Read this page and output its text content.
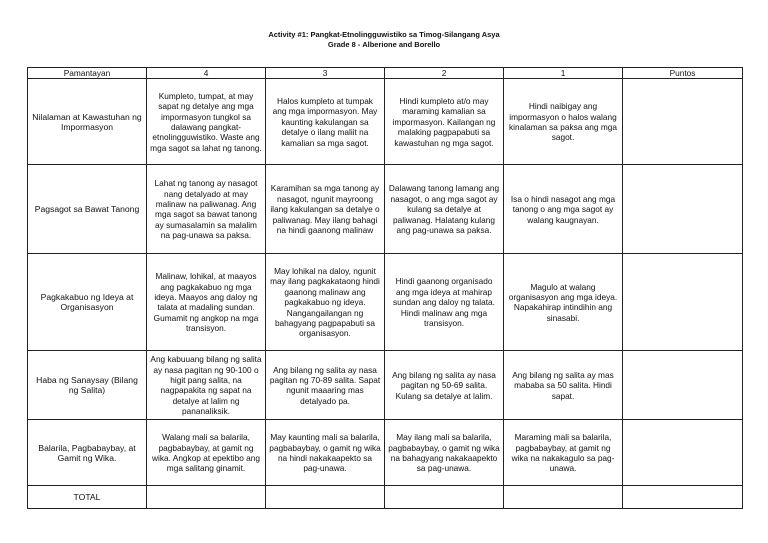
Activity #1: Pangkat-Etnolingguwistiko sa Timog-Silangang Asya
Grade 8 - Alberione and Borello
Pamantayan	4	3	2	1	Puntos
Nilalaman at Kawastuhan ng Impormasyon	Kumpleto, tumpat, at may sapat ng detalye ang mga impormasyon tungkol sa dalawang pangkat-etnolingguwistiko. Waste ang mga sagot sa lahat ng tanong.	Halos kumpleto at tumpak ang mga impormasyon. May kaunting kakulangan sa detalye o ilang maliit na kamalian sa mga sagot.	Hindi kumpleto at/o may maraming kamalian sa impormasyon. Kailangan ng malaking pagpapabuti sa kawastuhan ng mga sagot.	Hindi naibigay ang impormasyon o halos walang kinalaman sa paksa ang mga sagot.	
Pagsagot sa Bawat Tanong	Lahat ng tanong ay nasagot nang detalyado at may malinaw na paliwanag. Ang mga sagot sa bawat tanong ay sumasalamin sa malalim na pag-unawa sa paksa.	Karamihan sa mga tanong ay nasagot, ngunit mayroong ilang kakulangan sa detalye o paliwanag. May ilang bahagi na hindi gaanong malinaw	Dalawang tanong lamang ang nasagot, o ang mga sagot ay kulang sa detalye at paliwanag. Halatang kulang ang pag-unawa sa paksa.	Isa o hindi nasagot ang mga tanong o ang mga sagot ay walang kaugnayan.	
Pagkakabuo ng Ideya at Organisasyon	Malinaw, lohikal, at maayos ang pagkakabuo ng mga ideya. Maayos ang daloy ng talata at madaling sundan. Gumamit ng angkop na mga transisyon.	May lohikal na daloy, ngunit may ilang pagkakataong hindi gaanong malinaw ang pagkakabuo ng ideya. Nangangailangan ng bahagyang pagpapabuti sa organisasyon.	Hindi gaanong organisado ang mga ideya at mahirap sundan ang daloy ng talata. Hindi malinaw ang mga transisyon.	Magulo at walang organisasyon ang mga ideya. Napakahirap intindihin ang sinasabi.	
Haba ng Sanaysay (Bilang ng Salita)	Ang kabuuang bilang ng salita ay nasa pagitan ng 90-100 o higit pang salita, na nagpapakita ng sapat na detalye at lalim ng pananaliksik.	Ang bilang ng salita ay nasa pagitan ng 70-89 salita. Sapat ngunit maaaring mas detalyado pa.	Ang bilang ng salita ay nasa pagitan ng 50-69 salita. Kulang sa detalye at lalim.	Ang bilang ng salita ay mas mababa sa 50 salita. Hindi sapat.	
Balarila, Pagbabaybay, at Gamit ng Wika.	Walang mali sa balarila, pagbabaybay, at gamit ng wika. Angkop at epektibo ang mga salitang ginamit.	May kaunting mali sa balarila, pagbabaybay, o gamit ng wika na hindi nakakaapekto sa pag-unawa.	May ilang mali sa balarila, pagbabaybay, o gamit ng wika na bahagyang nakakaapekto sa pag-unawa.	Maraming mali sa balarila, pagbabaybay, at gamit ng wika na nakakagulo sa pag-unawa.	
TOTAL					
